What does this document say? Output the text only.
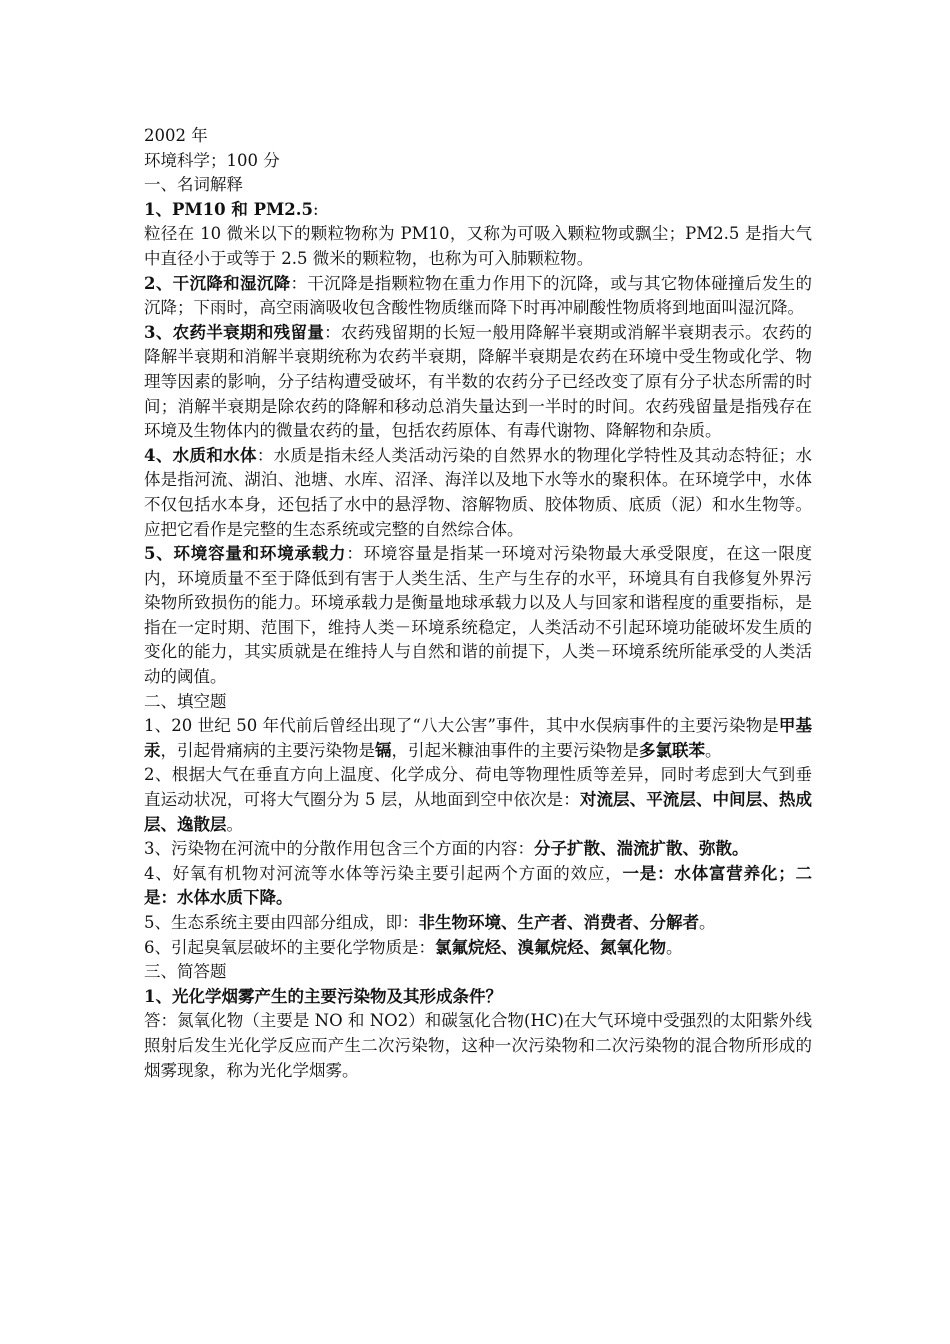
2002 年

环境科学；100 分

一、名词解释

1、PM10 和 PM2.5:
粒径在 10 微米以下的颗粒物称为 PM10，又称为可吸入颗粒物或飘尘；PM2.5 是指大气中直径小于或等于 2.5 微米的颗粒物，也称为可入肺颗粒物。

2、干沉降和湿沉降：干沉降是指颗粒物在重力作用下的沉降，或与其它物体碰撞后发生的沉降；下雨时，高空雨滴吸收包含酸性物质继而降下时再冲刷酸性物质将到地面叫湿沉降。

3、农药半衰期和残留量：农药残留期的长短一般用降解半衰期或消解半衰期表示。农药的降解半衰期和消解半衰期统称为农药半衰期，降解半衰期是农药在环境中受生物或化学、物理等因素的影响，分子结构遭受破坏，有半数的农药分子已经改变了原有分子状态所需的时间；消解半衰期是除农药的降解和移动总消失量达到一半时的时间。农药残留量是指残存在环境及生物体内的微量农药的量，包括农药原体、有毒代谢物、降解物和杂质。

4、水质和水体：水质是指未经人类活动污染的自然界水的物理化学特性及其动态特征；水体是指河流、湖泊、池塘、水库、沼泽、海洋以及地下水等水的聚积体。在环境学中，水体不仅包括水本身，还包括了水中的悬浮物、溶解物质、胶体物质、底质（泥）和水生物等。应把它看作是完整的生态系统或完整的自然综合体。

5、环境容量和环境承载力：环境容量是指某一环境对污染物最大承受限度，在这一限度内，环境质量不至于降低到有害于人类生活、生产与生存的水平，环境具有自我修复外界污染物所致损伤的能力。环境承载力是衡量地球承载力以及人与回家和谐程度的重要指标，是指在一定时期、范围下，维持人类－环境系统稳定，人类活动不引起环境功能破坏发生质的变化的能力，其实质就是在维持人与自然和谐的前提下，人类－环境系统所能承受的人类活动的阈值。

二、填空题

1、20 世纪 50 年代前后曾经出现了“八大公害”事件，其中水俣病事件的主要污染物是甲基汞，引起骨痛病的主要污染物是镉，引起米糠油事件的主要污染物是多氯联苯。

2、根据大气在垂直方向上温度、化学成分、荷电等物理性质等差异，同时考虑到大气到垂直运动状况，可将大气圈分为 5 层，从地面到空中依次是：对流层、平流层、中间层、热成层、逸散层。

3、污染物在河流中的分散作用包含三个方面的内容：分子扩散、湍流扩散、弥散。

4、好氧有机物对河流等水体等污染主要引起两个方面的效应，一是：水体富营养化；二是：水体水质下降。

5、生态系统主要由四部分组成，即：非生物环境、生产者、消费者、分解者。

6、引起臭氧层破坏的主要化学物质是：氯氟烷烃、溴氟烷烃、氮氧化物。

三、简答题

1、光化学烟雾产生的主要污染物及其形成条件？

答：氮氧化物（主要是 NO 和 NO2）和碳氢化合物(HC)在大气环境中受强烈的太阳紫外线照射后发生光化学反应而产生二次污染物，这种一次污染物和二次污染物的混合物所形成的烟雾现象，称为光化学烟雾。
